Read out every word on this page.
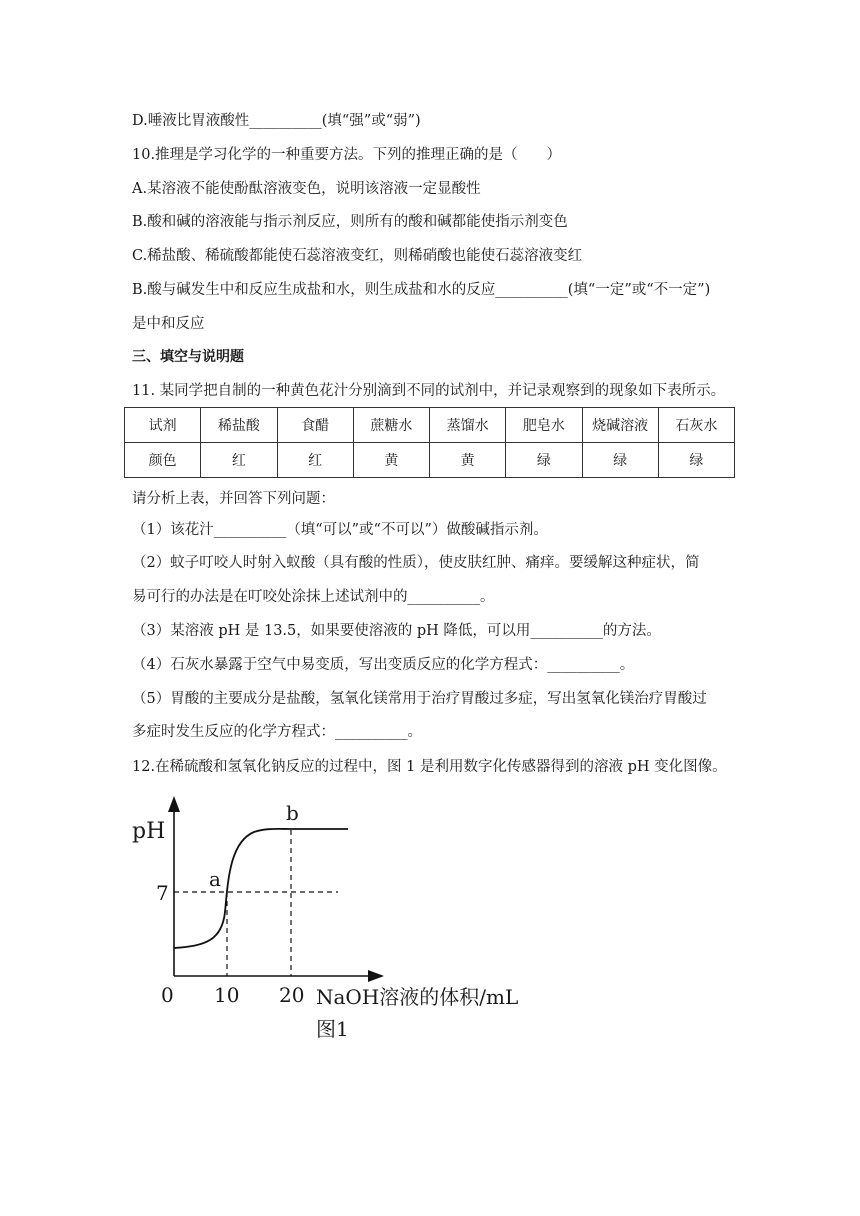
D.唾液比胃液酸性__________(填“强”或“弱”)
10.推理是学习化学的一种重要方法。下列的推理正确的是（　　）
A.某溶液不能使酚酞溶液变色，说明该溶液一定显酸性
B.酸和碱的溶液能与指示剂反应，则所有的酸和碱都能使指示剂变色
C.稀盐酸、稀硫酸都能使石蕊溶液变红，则稀硝酸也能使石蕊溶液变红
B.酸与碱发生中和反应生成盐和水，则生成盐和水的反应__________(填“一定”或“不一定”)
是中和反应
三、填空与说明题
11. 某同学把自制的一种黄色花汁分别滴到不同的试剂中，并记录观察到的现象如下表所示。
试剂	稀盐酸	食醋	蔗糖水	蒸馏水	肥皂水	烧碱溶液	石灰水
颜色	红	红	黄	黄	绿	绿	绿
请分析上表，并回答下列问题：
（1）该花汁__________（填“可以”或“不可以”）做酸碱指示剂。
（2）蚊子叮咬人时射入蚁酸（具有酸的性质），使皮肤红肿、痛痒。要缓解这种症状，简
易可行的办法是在叮咬处涂抹上述试剂中的__________。
（3）某溶液 pH 是 13.5，如果要使溶液的 pH 降低，可以用__________的方法。
（4）石灰水暴露于空气中易变质，写出变质反应的化学方程式：__________。
（5）胃酸的主要成分是盐酸，氢氧化镁常用于治疗胃酸过多症，写出氢氧化镁治疗胃酸过
多症时发生反应的化学方程式：__________。
12.在稀硫酸和氢氧化钠反应的过程中，图 1 是利用数字化传感器得到的溶液 pH 变化图像。
pH
7
a
b
0 10 20 NaOH溶液的体积/mL
图1
